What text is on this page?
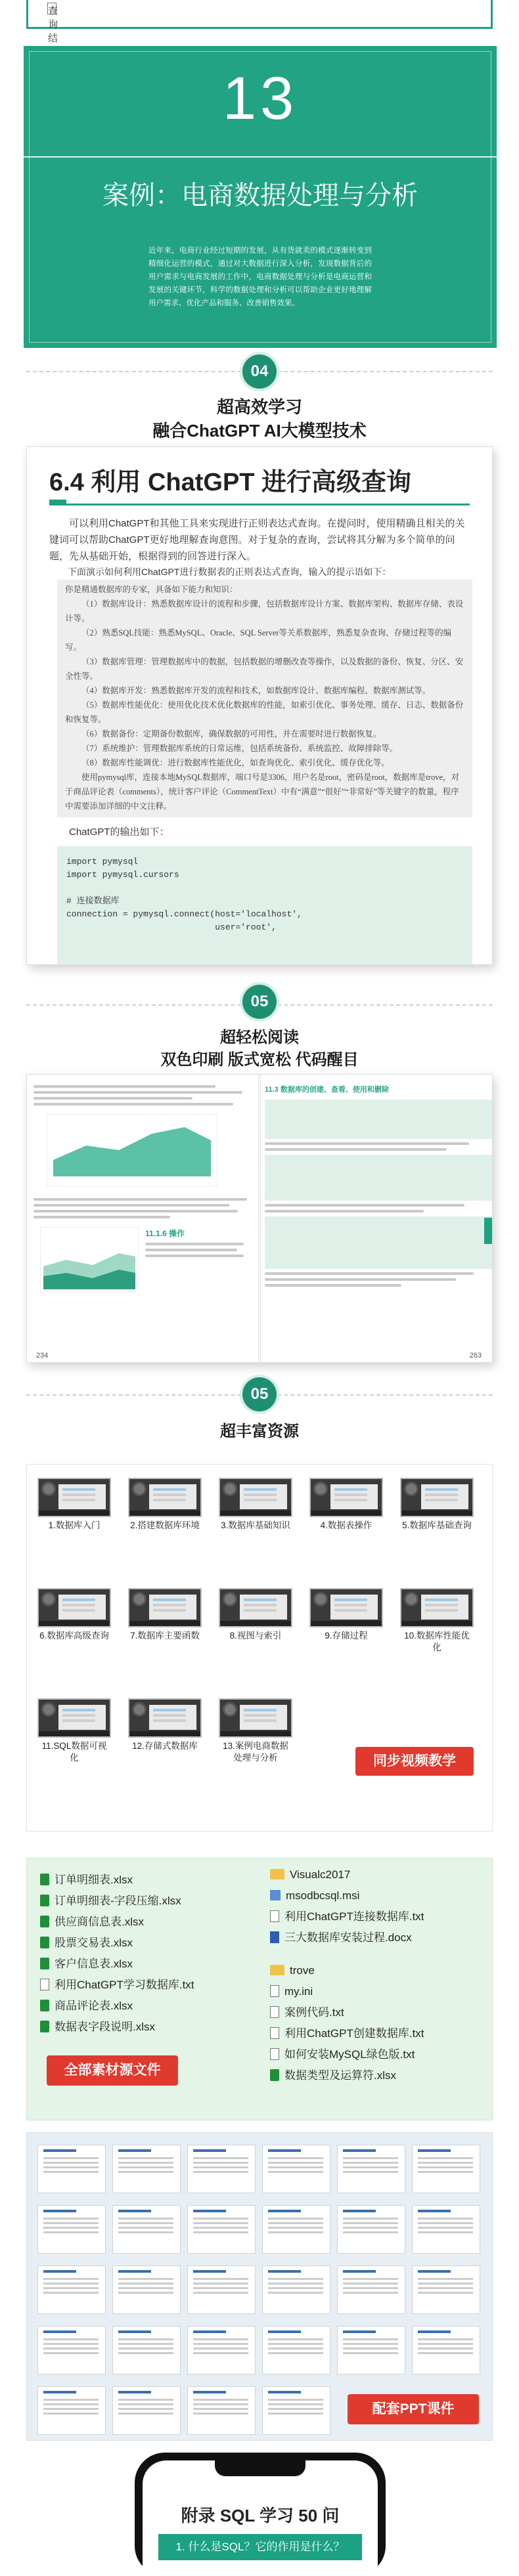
查询结
13
案例：电商数据处理与分析
近年来，电商行业经过短期的发展，从有货就卖的模式逐渐转变到精细化运营的模式，通过对大数据进行深入分析，发现数据背后的用户需求与电商发展的工作中，电商数据处理与分析是电商运营和发展的关键环节，科学的数据处理和分析可以帮助企业更好地理解用户需求、优化产品和服务、改善销售效果。
04
超高效学习
融合ChatGPT AI大模型技术
6.4 利用 ChatGPT 进行高级查询

可以利用ChatGPT和其他工具来实现进行正则表达式查询。在提问时，使用精确且相关的关键词可以帮助ChatGPT更好地理解查询意图。对于复杂的查询，尝试将其分解为多个简单的问题，先从基础开始，根据得到的回答进行深入。

下面演示如何利用ChatGPT进行数据表的正则表达式查询，输入的提示语如下：

你是精通数据库的专家，具备如下能力和知识：
（1）数据库设计：熟悉数据库设计的流程和步骤，包括数据库设计方案、数据库架构、数据库存储、表设计等。
（2）熟悉SQL技能：熟悉MySQL、Oracle、SQL Server等关系数据库，熟悉复杂查询、存储过程等的编写。
（3）数据库管理：管理数据库中的数据，包括数据的增删改查等操作，以及数据的备份、恢复、分区、安全性等。
（4）数据库开发：熟悉数据库开发的流程和技术，如数据库设计、数据库编程、数据库测试等。
（5）数据库性能优化：使用优化技术优化数据库的性能，如索引优化、事务处理、缓存、日志、数据备份和恢复等。
（6）数据备份：定期备份数据库，确保数据的可用性，并在需要时进行数据恢复。
（7）系统维护：管理数据库系统的日常运维，包括系统备份、系统监控、故障排除等。
（8）数据库性能调优：进行数据库性能优化，如查询优化、索引优化、缓存优化等。
使用pymysql库，连接本地MySQL数据库，端口号是3306，用户名是root，密码是root，数据库是trove，对于商品评论表（comments），统计客户评论（CommentText）中有“满意”“很好”“非常好”等关键字的数量，程序中需要添加详细的中文注释。

ChatGPT的输出如下：

import pymysql
import pymysql.cursors

# 连接数据库
connection = pymysql.connect(host='localhost',
user='root',
05
超轻松阅读
双色印刷 版式宽松 代码醒目
11.1.6 操作
234
11.3 数据库的创建、查看、使用和删除
263
05
超丰富资源
1.数据库入门	2.搭建数据库环境 3.数据库基础知识	4.数据表操作	5.数据库基础查询
6.数据库高级查询 7.数据库主要函数	8.视图与索引	9.存储过程	10.数据库性能优化
11.SQL数据可视化
12.存储式数据库	13.案例电商数据处理与分析	同步视频教学
订单明细表.xlsx
订单明细表-字段压缩.xlsx
供应商信息表.xlsx
股票交易表.xlsx
客户信息表.xlsx
利用ChatGPT学习数据库.txt
商品评论表.xlsx
数据表字段说明.xlsx
Visualc2017
msodbcsql.msi
利用ChatGPT连接数据库.txt
三大数据库安装过程.docx
trove
my.ini
案例代码.txt
利用ChatGPT创建数据库.txt
如何安装MySQL绿色版.txt
数据类型及运算符.xlsx
全部素材源文件
配套PPT课件
附录 SQL 学习 50 问
1. 什么是SQL？它的作用是什么？
